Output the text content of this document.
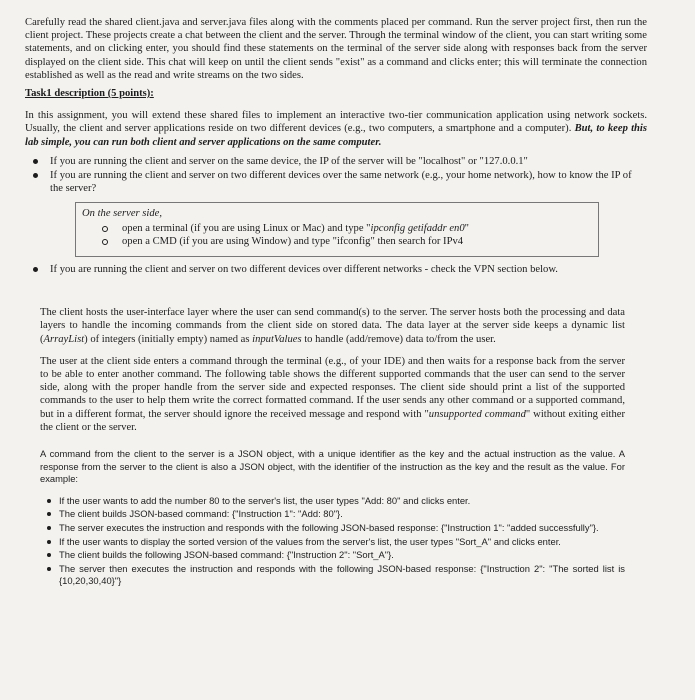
Carefully read the shared client.java and server.java files along with the comments placed per command. Run the server project first, then run the client project. These projects create a chat between the client and the server. Through the terminal window of the client, you can start writing some statements, and on clicking enter, you should find these statements on the terminal of the server side along with responses back from the server displayed on the client side. This chat will keep on until the client sends "exist" as a command and clicks enter; this will terminate the connection established as well as the read and write streams on the two sides.

Task1 description (5 points):

In this assignment, you will extend these shared files to implement an interactive two-tier communication application using network sockets. Usually, the client and server applications reside on two different devices (e.g., two computers, a smartphone and a computer). But, to keep this lab simple, you can run both client and server applications on the same computer.

If you are running the client and server on the same device, the IP of the server will be "localhost" or "127.0.0.1"
If you are running the client and server on two different devices over the same network (e.g., your home network), how to know the IP of the server?
On the server side,
open a terminal (if you are using Linux or Mac) and type "ipconfig getifaddr en0"
open a CMD (if you are using Window) and type "ifconfig" then search for IPv4
If you are running the client and server on two different devices over different networks - check the VPN section below.

The client hosts the user-interface layer where the user can send command(s) to the server. The server hosts both the processing and data layers to handle the incoming commands from the client side on stored data. The data layer at the server side keeps a dynamic list (ArrayList) of integers (initially empty) named as inputValues to handle (add/remove) data to/from the user.

The user at the client side enters a command through the terminal (e.g., of your IDE) and then waits for a response back from the server to be able to enter another command. The following table shows the different supported commands that the user can send to the server side, along with the proper handle from the server side and expected responses. The client side should print a list of the supported commands to the user to help them write the correct formatted command. If the user sends any other command or a supported command, but in a different format, the server should ignore the received message and respond with "unsupported command" without exiting either the client or the server.

A command from the client to the server is a JSON object, with a unique identifier as the key and the actual instruction as the value. A response from the server to the client is also a JSON object, with the identifier of the instruction as the key and the result as the value. For example:

If the user wants to add the number 80 to the server's list, the user types "Add: 80" and clicks enter.
The client builds JSON-based command: {"Instruction 1": "Add: 80"}.
The server executes the instruction and responds with the following JSON-based response: {"Instruction 1": "added successfully"}.
If the user wants to display the sorted version of the values from the server's list, the user types "Sort_A" and clicks enter.
The client builds the following JSON-based command: {"Instruction 2": "Sort_A"}.
The server then executes the instruction and responds with the following JSON-based response: {"Instruction 2": "The sorted list is {10,20,30,40}"}
